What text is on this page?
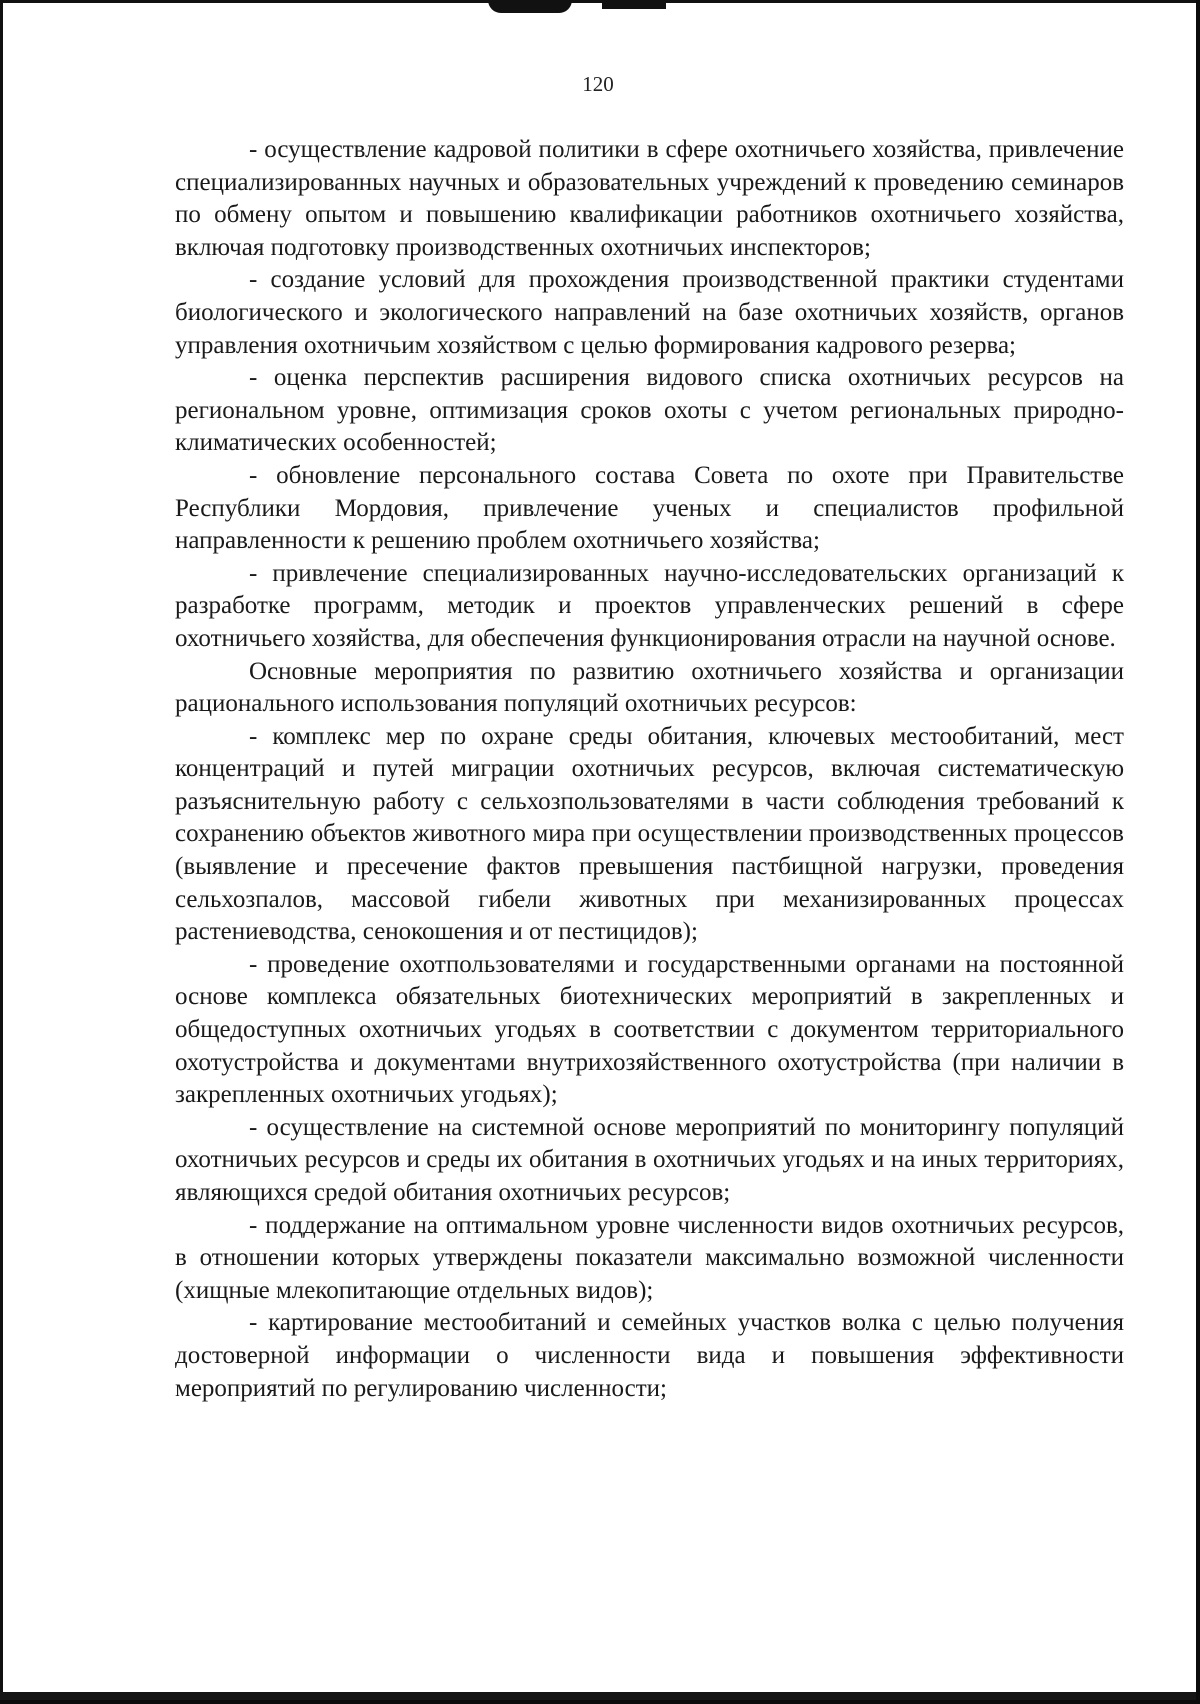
120

- осуществление кадровой политики в сфере охотничьего хозяйства, привлечение специализированных научных и образовательных учреждений к проведению семинаров по обмену опытом и повышению квалификации работников охотничьего хозяйства, включая подготовку производственных охотничьих инспекторов;

- создание условий для прохождения производственной практики студентами биологического и экологического направлений на базе охотничьих хозяйств, органов управления охотничьим хозяйством с целью формирования кадрового резерва;

- оценка перспектив расширения видового списка охотничьих ресурсов на региональном уровне, оптимизация сроков охоты с учетом региональных природно-климатических особенностей;

- обновление персонального состава Совета по охоте при Правительстве Республики Мордовия, привлечение ученых и специалистов профильной направленности к решению проблем охотничьего хозяйства;

- привлечение специализированных научно-исследовательских организаций к разработке программ, методик и проектов управленческих решений в сфере охотничьего хозяйства, для обеспечения функционирования отрасли на научной основе.

Основные мероприятия по развитию охотничьего хозяйства и организации рационального использования популяций охотничьих ресурсов:

- комплекс мер по охране среды обитания, ключевых местообитаний, мест концентраций и путей миграции охотничьих ресурсов, включая систематическую разъяснительную работу с сельхозпользователями в части соблюдения требований к сохранению объектов животного мира при осуществлении производственных процессов (выявление и пресечение фактов превышения пастбищной нагрузки, проведения сельхозпалов, массовой гибели животных при механизированных процессах растениеводства, сенокошения и от пестицидов);

- проведение охотпользователями и государственными органами на постоянной основе комплекса обязательных биотехнических мероприятий в закрепленных и общедоступных охотничьих угодьях в соответствии с документом территориального охотустройства и документами внутрихозяйственного охотустройства (при наличии в закрепленных охотничьих угодьях);

- осуществление на системной основе мероприятий по мониторингу популяций охотничьих ресурсов и среды их обитания в охотничьих угодьях и на иных территориях, являющихся средой обитания охотничьих ресурсов;

- поддержание на оптимальном уровне численности видов охотничьих ресурсов, в отношении которых утверждены показатели максимально возможной численности (хищные млекопитающие отдельных видов);

- картирование местообитаний и семейных участков волка с целью получения достоверной информации о численности вида и повышения эффективности мероприятий по регулированию численности;
